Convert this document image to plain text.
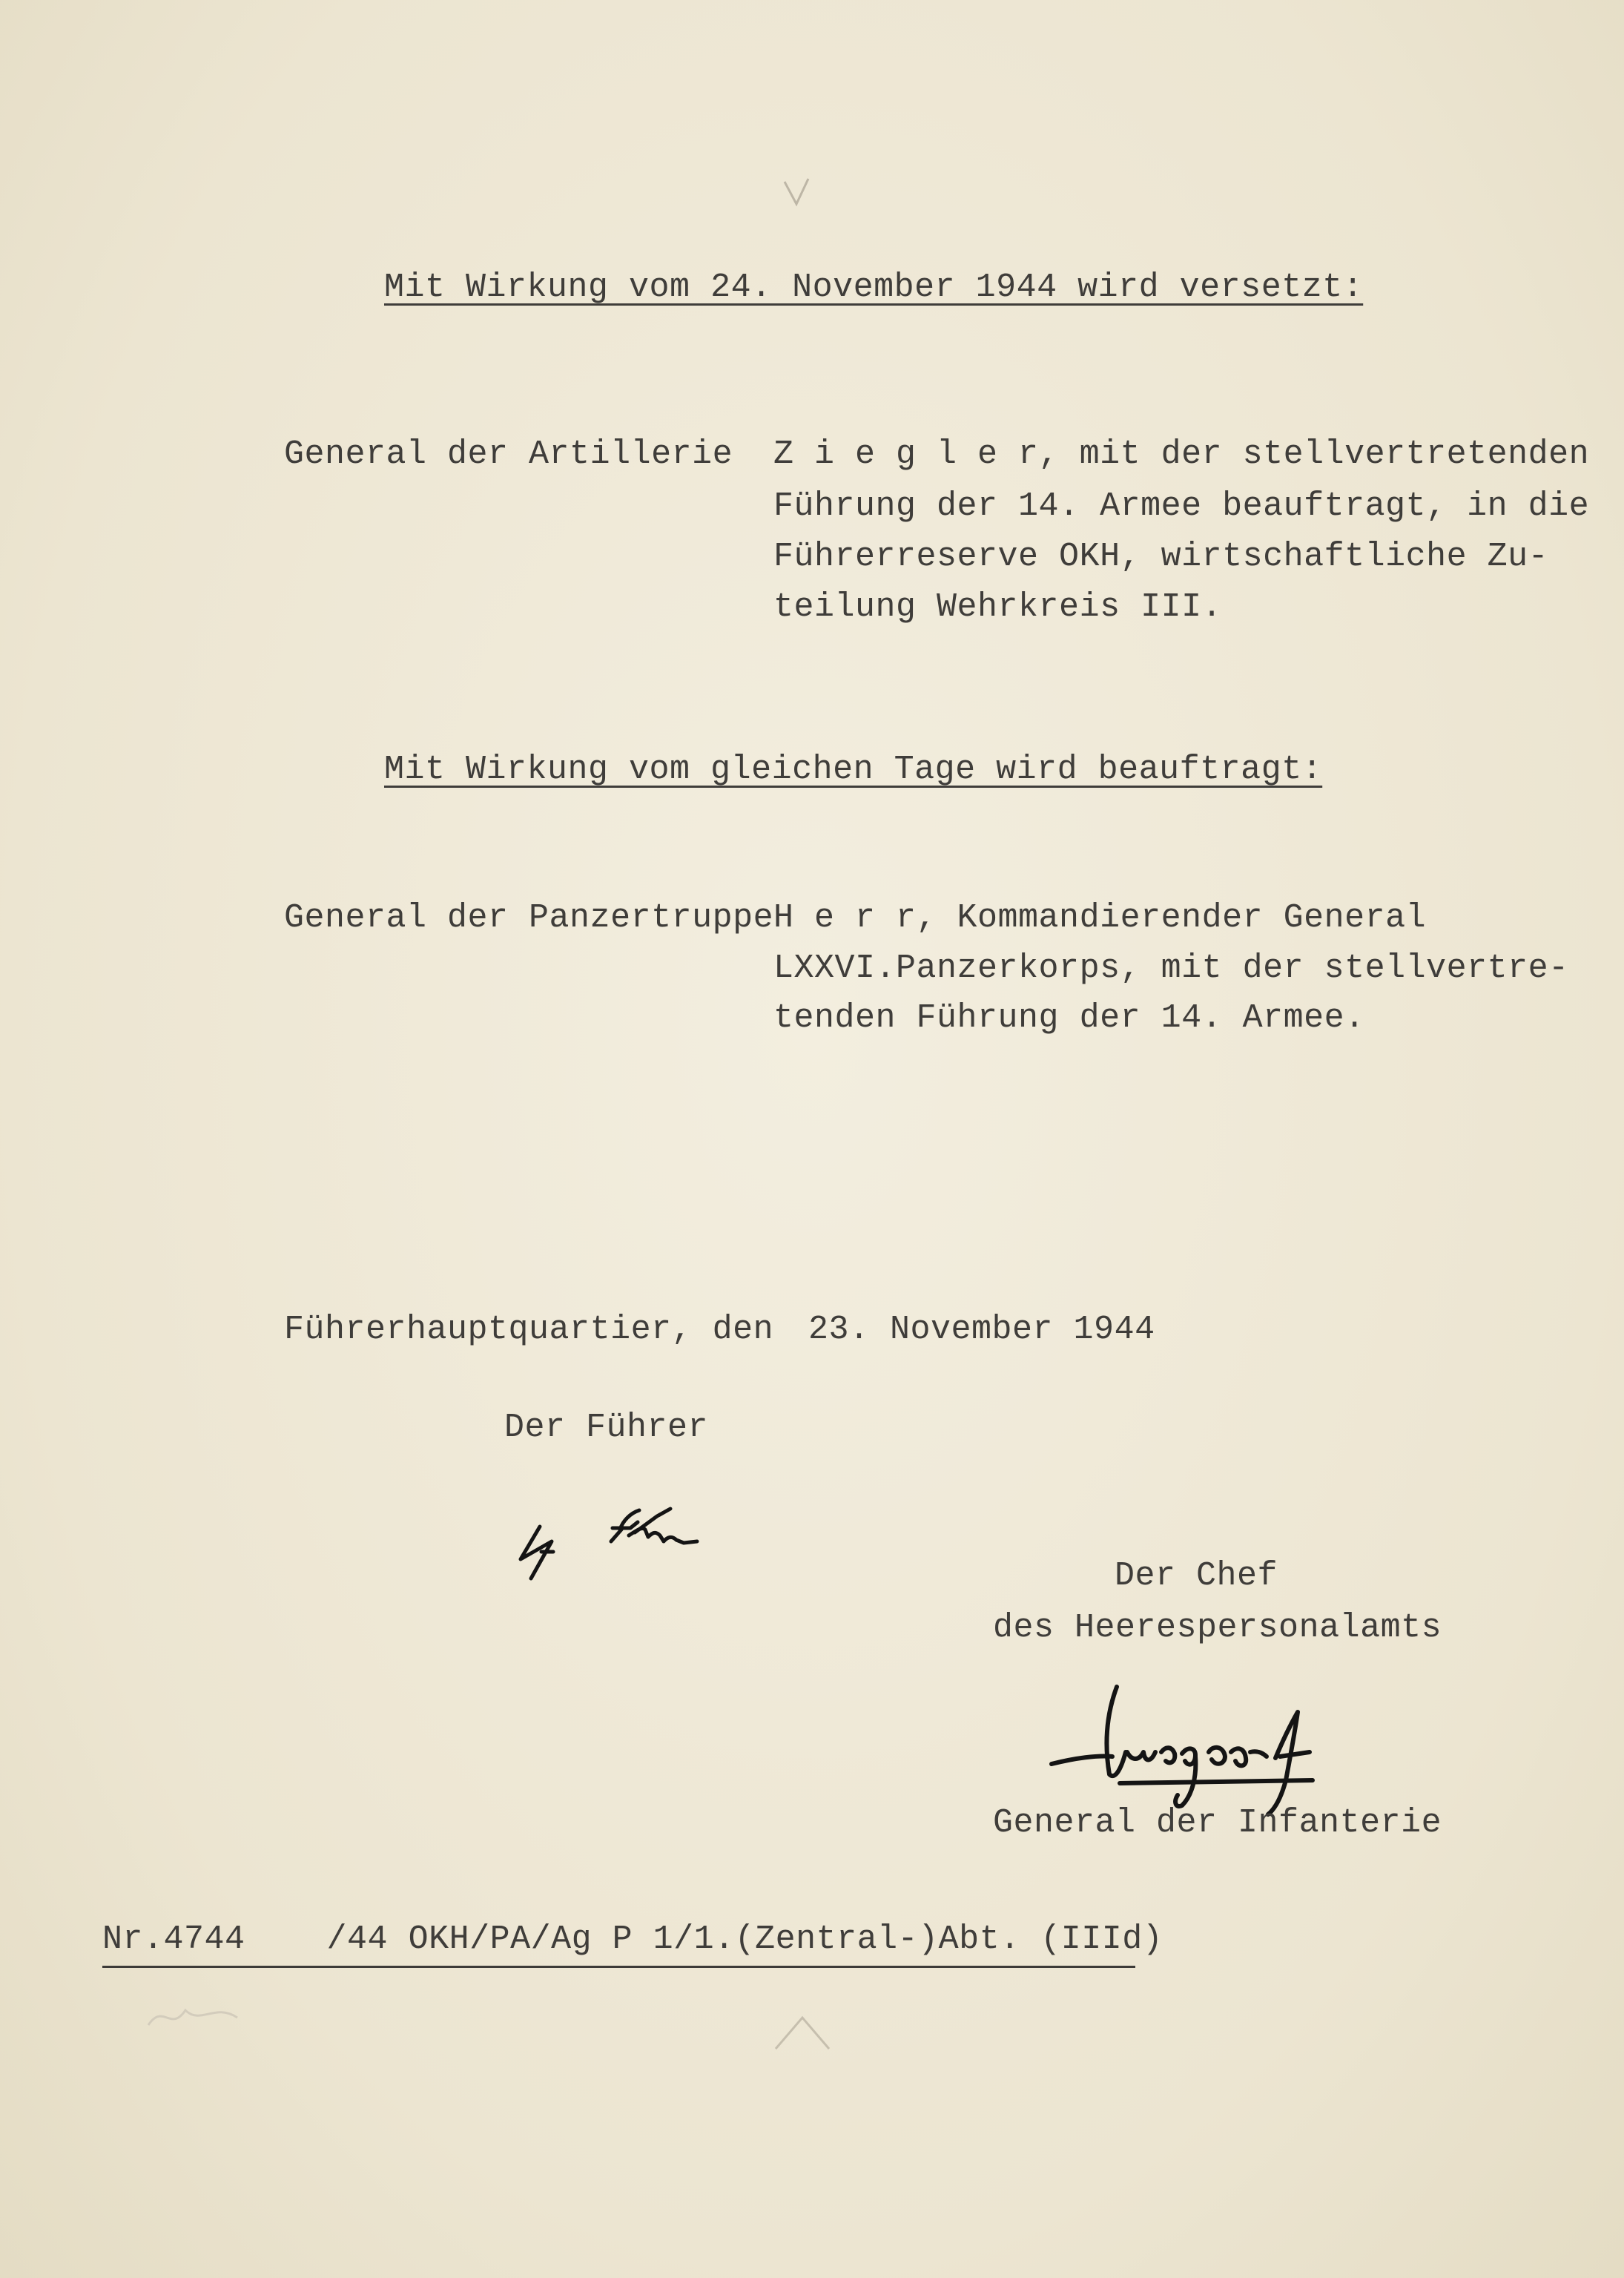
Mit Wirkung vom 24. November 1944 wird versetzt:
General der Artillerie Z i e g l e r, mit der stellvertretenden
Führung der 14. Armee beauftragt, in die
Führerreserve OKH, wirtschaftliche Zu-
teilung Wehrkreis III.
Mit Wirkung vom gleichen Tage wird beauftragt:
General der Panzertruppe H e r r, Kommandierender General
LXXVI.Panzerkorps, mit der stellvertre-
tenden Führung der 14. Armee.
Führerhauptquartier, den 23. November 1944
Der Führer
Der Chef
des Heerespersonalamts
General der Infanterie
Nr.4744    /44 OKH/PA/Ag P 1/1.(Zentral-)Abt. (IIId)
